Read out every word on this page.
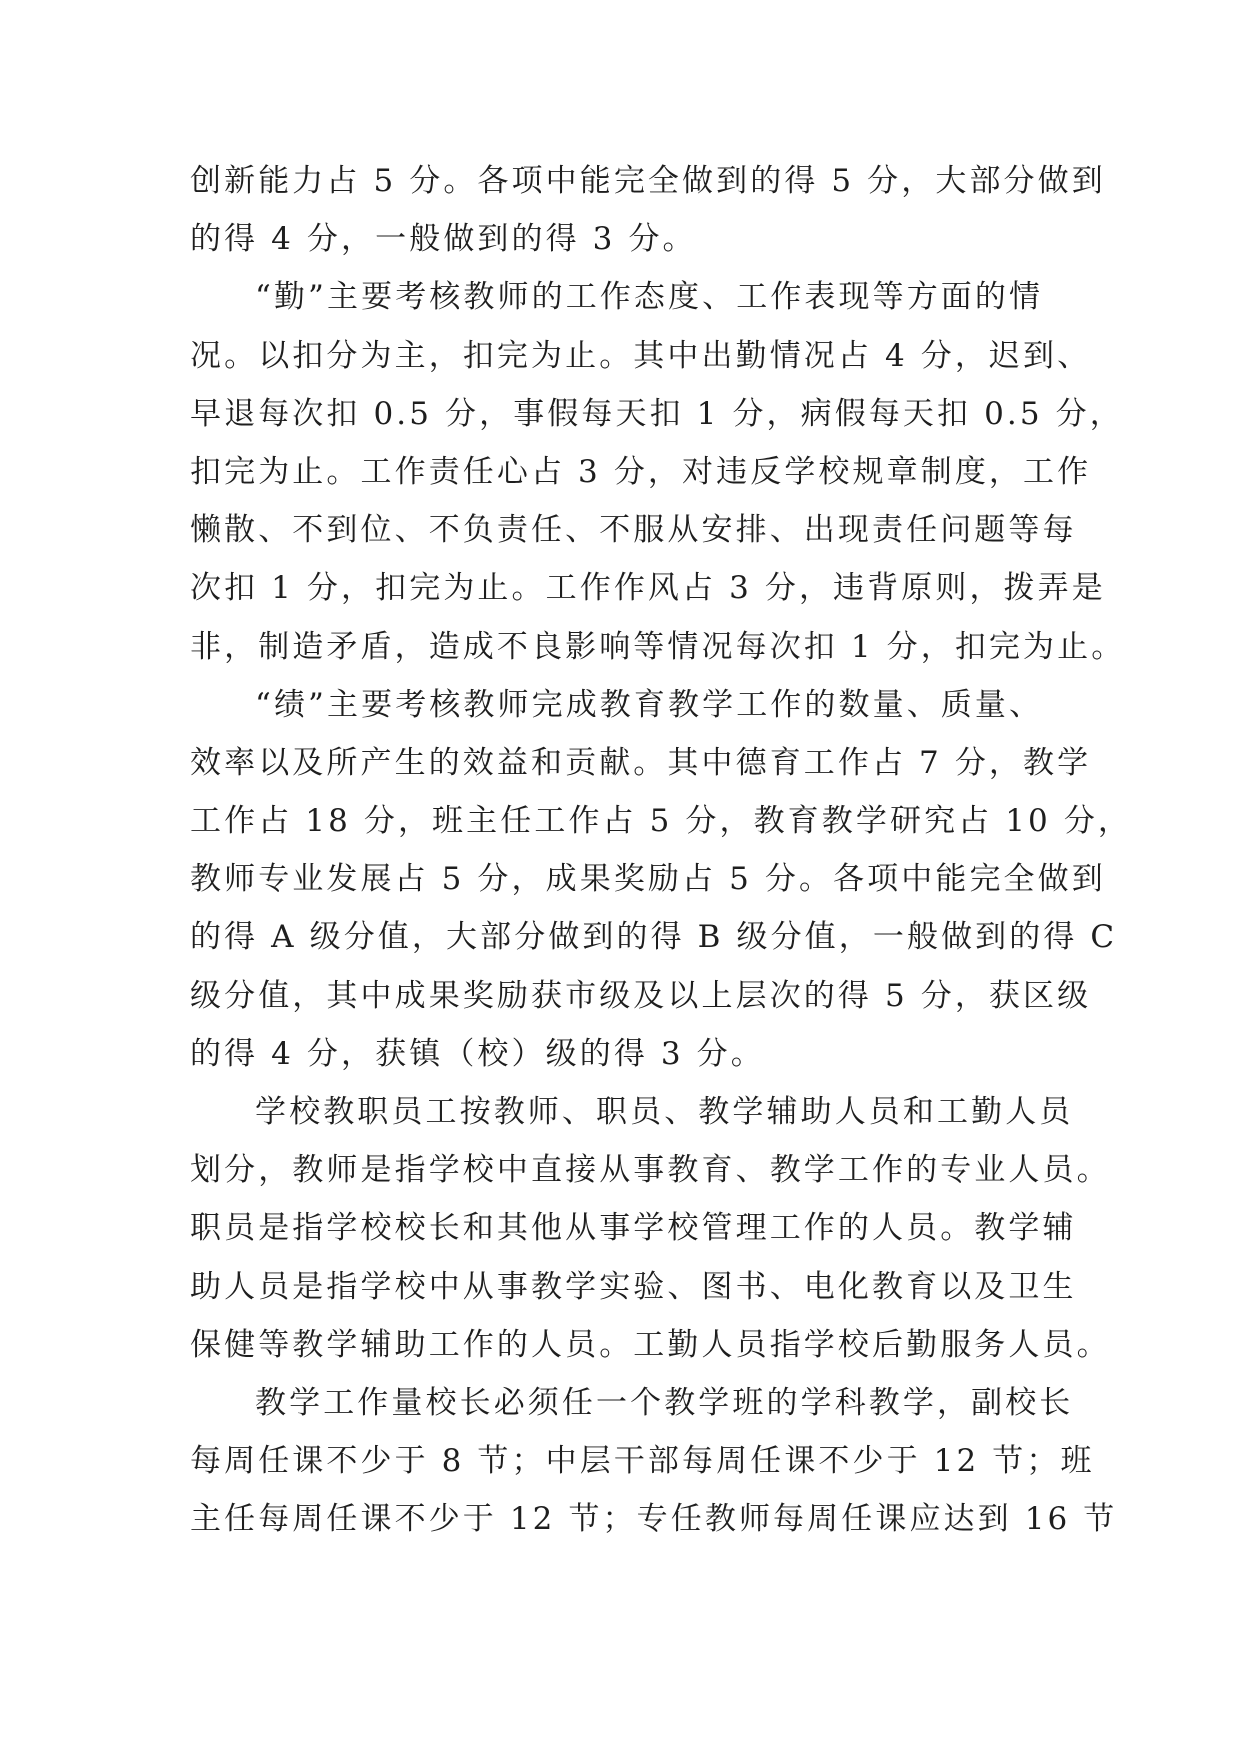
创新能力占 5 分。各项中能完全做到的得 5 分，大部分做到
的得 4 分，一般做到的得 3 分。
“勤”主要考核教师的工作态度、工作表现等方面的情
况。以扣分为主，扣完为止。其中出勤情况占 4 分，迟到、
早退每次扣 0.5 分，事假每天扣 1 分，病假每天扣 0.5 分，
扣完为止。工作责任心占 3 分，对违反学校规章制度，工作
懒散、不到位、不负责任、不服从安排、出现责任问题等每
次扣 1 分，扣完为止。工作作风占 3 分，违背原则，拨弄是
非，制造矛盾，造成不良影响等情况每次扣 1 分，扣完为止。
“绩”主要考核教师完成教育教学工作的数量、质量、
效率以及所产生的效益和贡献。其中德育工作占 7 分，教学
工作占 18 分，班主任工作占 5 分，教育教学研究占 10 分，
教师专业发展占 5 分，成果奖励占 5 分。各项中能完全做到
的得 A 级分值，大部分做到的得 B 级分值，一般做到的得 C
级分值，其中成果奖励获市级及以上层次的得 5 分，获区级
的得 4 分，获镇（校）级的得 3 分。
学校教职员工按教师、职员、教学辅助人员和工勤人员
划分，教师是指学校中直接从事教育、教学工作的专业人员。
职员是指学校校长和其他从事学校管理工作的人员。教学辅
助人员是指学校中从事教学实验、图书、电化教育以及卫生
保健等教学辅助工作的人员。工勤人员指学校后勤服务人员。
教学工作量校长必须任一个教学班的学科教学，副校长
每周任课不少于 8 节；中层干部每周任课不少于 12 节；班
主任每周任课不少于 12 节；专任教师每周任课应达到 16 节
